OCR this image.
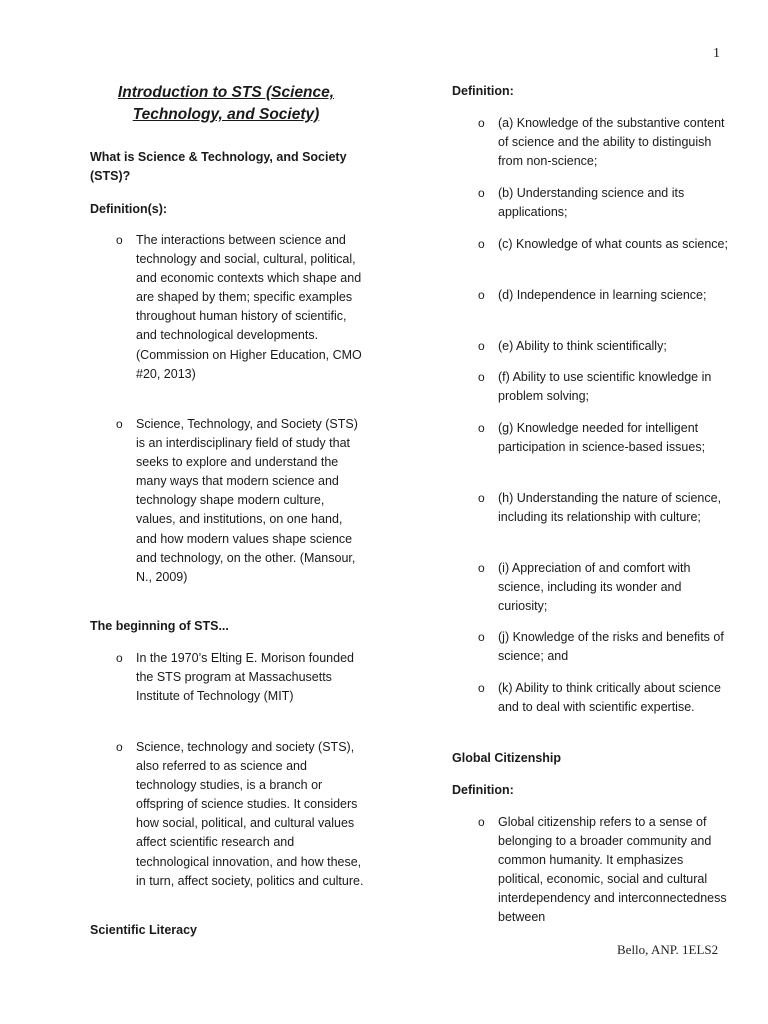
1
Introduction to STS (Science, Technology, and Society)
What is Science & Technology, and Society (STS)?
Definition(s):
o The interactions between science and technology and social, cultural, political, and economic contexts which shape and are shaped by them; specific examples throughout human history of scientific, and technological developments. (Commission on Higher Education, CMO #20, 2013)
o Science, Technology, and Society (STS) is an interdisciplinary field of study that seeks to explore and understand the many ways that modern science and technology shape modern culture, values, and institutions, on one hand, and how modern values shape science and technology, on the other. (Mansour, N., 2009)
The beginning of STS...
o In the 1970’s Elting E. Morison founded the STS program at Massachusetts Institute of Technology (MIT)
o Science, technology and society (STS), also referred to as science and technology studies, is a branch or offspring of science studies. It considers how social, political, and cultural values affect scientific research and technological innovation, and how these, in turn, affect society, politics and culture.
Scientific Literacy
Definition:
o (a) Knowledge of the substantive content of science and the ability to distinguish from non-science;
o (b) Understanding science and its applications;
o (c) Knowledge of what counts as science;
o (d) Independence in learning science;
o (e) Ability to think scientifically;
o (f) Ability to use scientific knowledge in problem solving;
o (g) Knowledge needed for intelligent participation in science-based issues;
o (h) Understanding the nature of science, including its relationship with culture;
o (i) Appreciation of and comfort with science, including its wonder and curiosity;
o (j) Knowledge of the risks and benefits of science; and
o (k) Ability to think critically about science and to deal with scientific expertise.
Global Citizenship
Definition:
o Global citizenship refers to a sense of belonging to a broader community and common humanity. It emphasizes political, economic, social and cultural interdependency and interconnectedness between
Bello, ANP. 1ELS2
